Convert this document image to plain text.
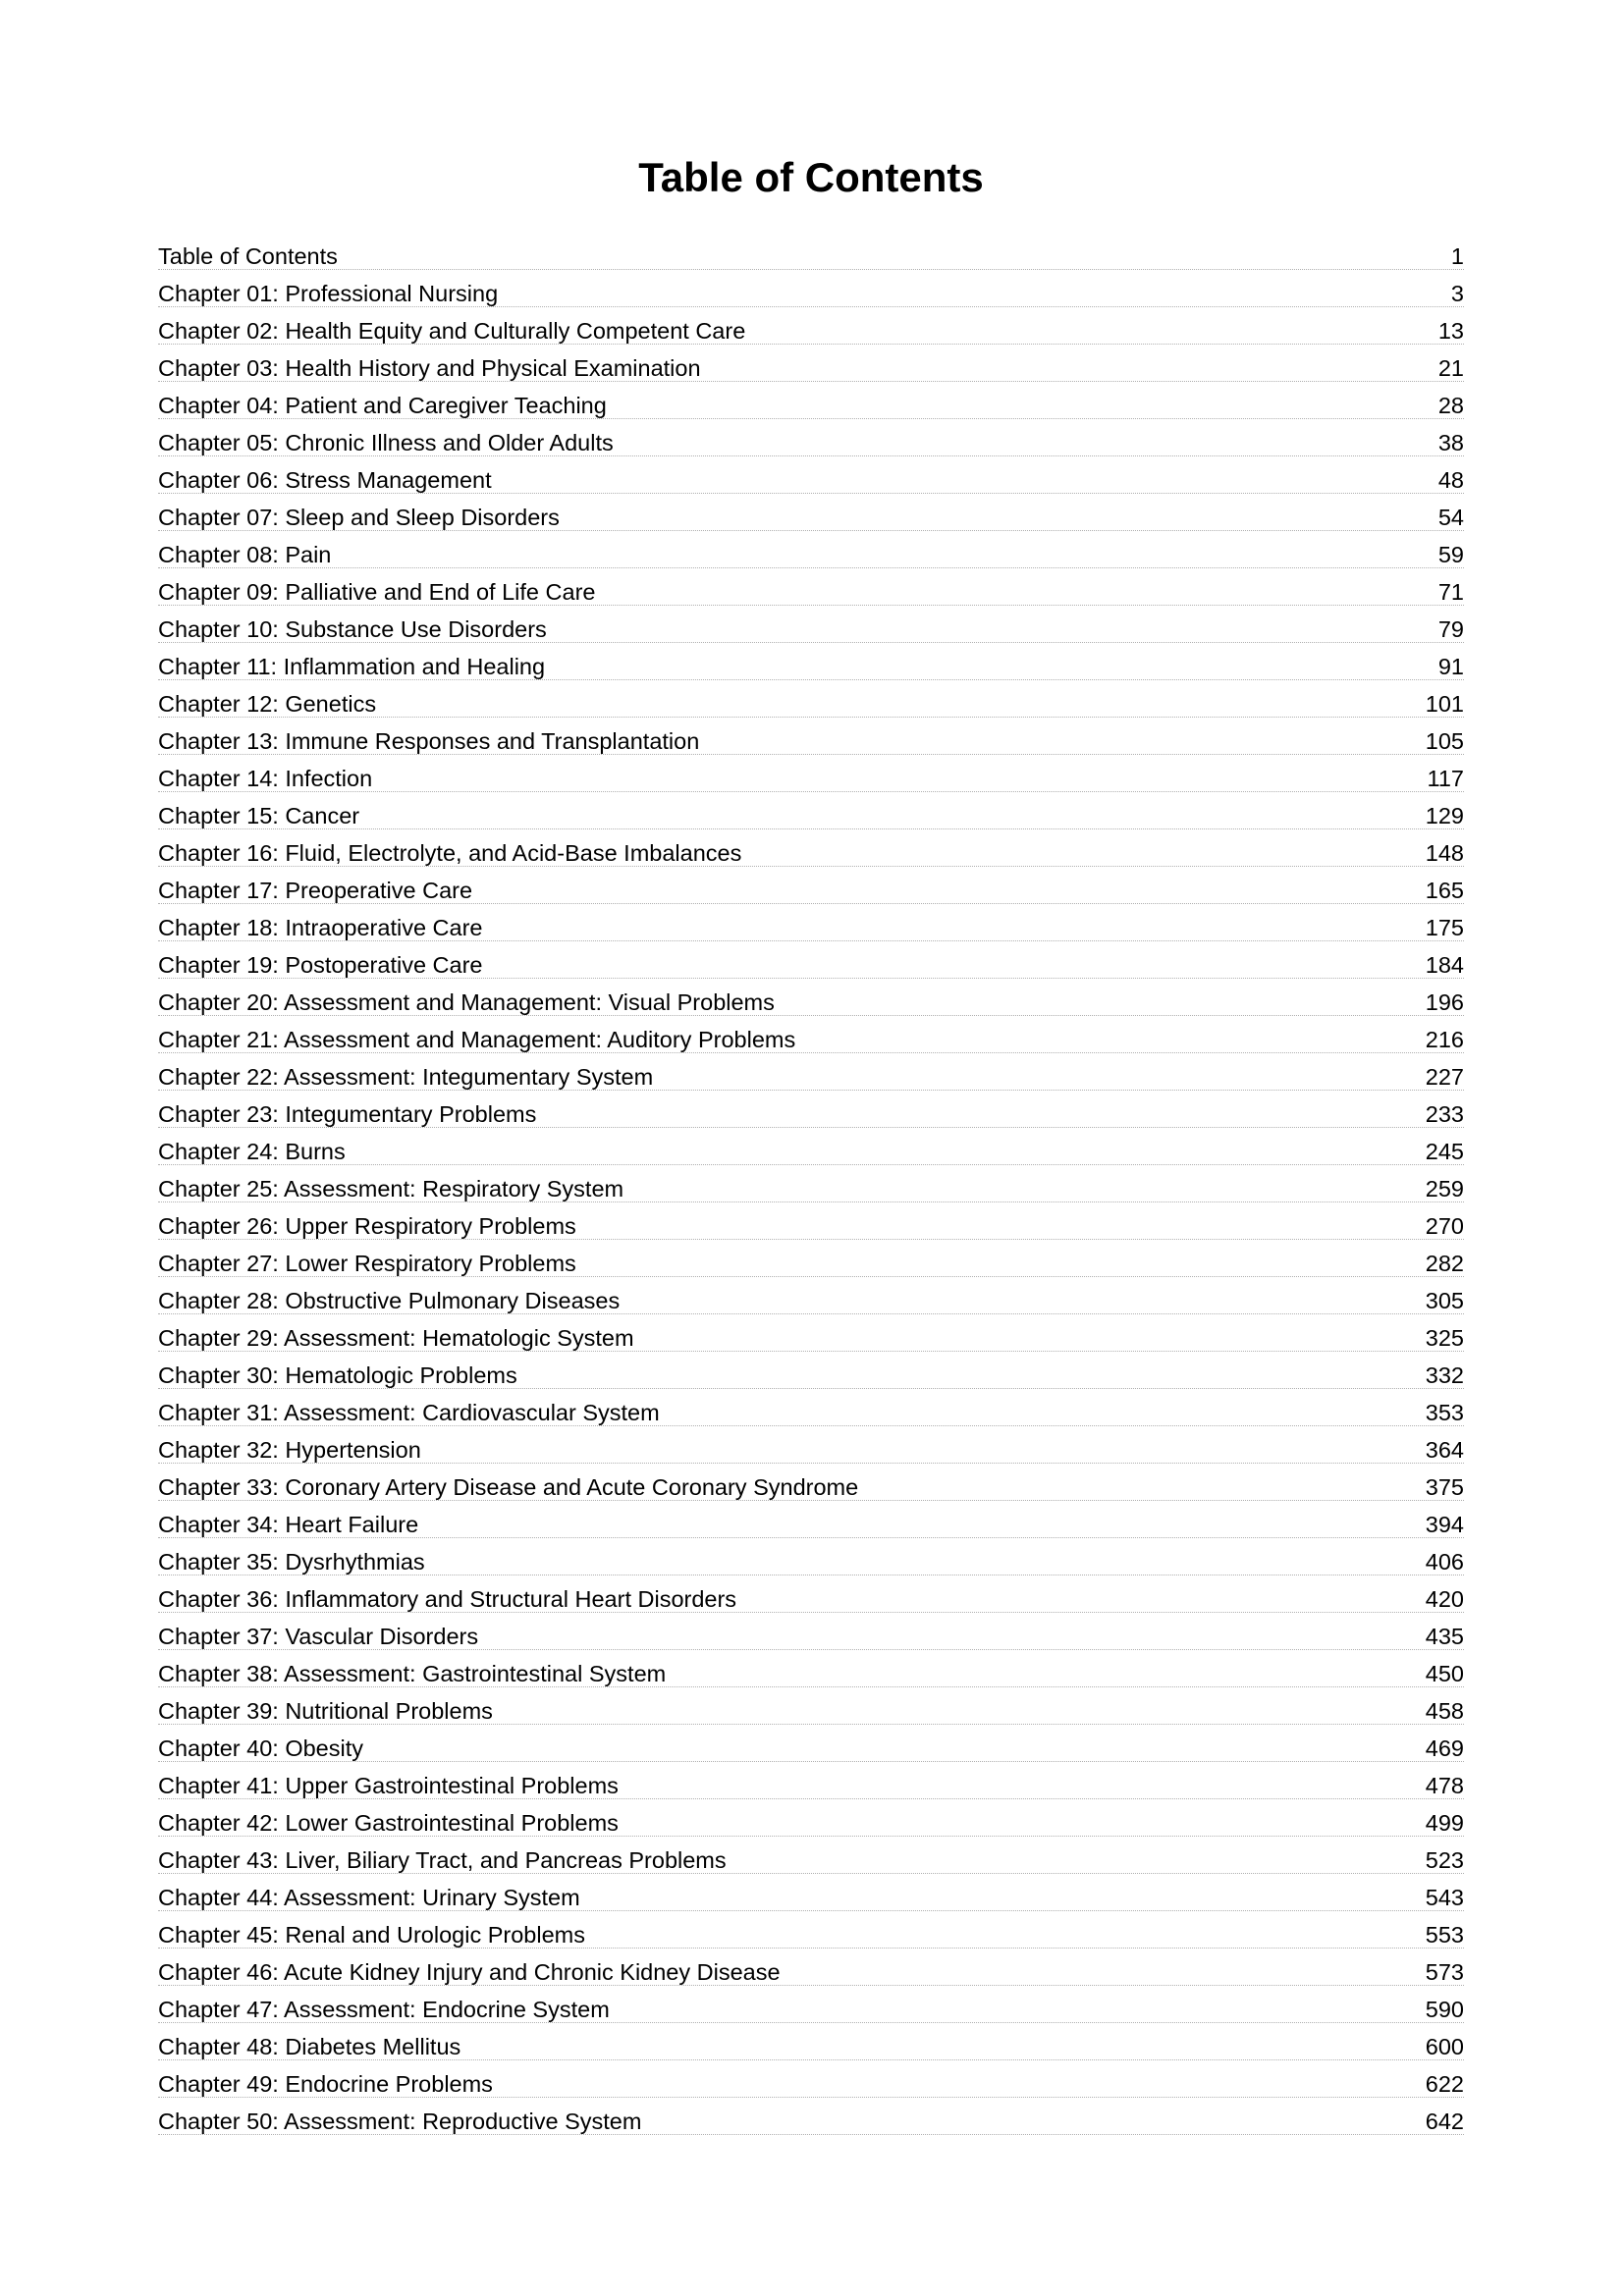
Table of Contents
Table of Contents	1
Chapter 01: Professional Nursing	3
Chapter 02: Health Equity and Culturally Competent Care	13
Chapter 03: Health History and Physical Examination	21
Chapter 04: Patient and Caregiver Teaching	28
Chapter 05: Chronic Illness and Older Adults	38
Chapter 06: Stress Management	48
Chapter 07: Sleep and Sleep Disorders	54
Chapter 08: Pain	59
Chapter 09: Palliative and End of Life Care	71
Chapter 10: Substance Use Disorders	79
Chapter 11: Inflammation and Healing	91
Chapter 12: Genetics	101
Chapter 13: Immune Responses and Transplantation	105
Chapter 14: Infection	117
Chapter 15: Cancer	129
Chapter 16: Fluid, Electrolyte, and Acid-Base Imbalances	148
Chapter 17: Preoperative Care	165
Chapter 18: Intraoperative Care	175
Chapter 19: Postoperative Care	184
Chapter 20: Assessment and Management: Visual Problems	196
Chapter 21: Assessment and Management: Auditory Problems	216
Chapter 22: Assessment: Integumentary System	227
Chapter 23: Integumentary Problems	233
Chapter 24: Burns	245
Chapter 25: Assessment: Respiratory System	259
Chapter 26: Upper Respiratory Problems	270
Chapter 27: Lower Respiratory Problems	282
Chapter 28: Obstructive Pulmonary Diseases	305
Chapter 29: Assessment: Hematologic System	325
Chapter 30: Hematologic Problems	332
Chapter 31: Assessment: Cardiovascular System	353
Chapter 32: Hypertension	364
Chapter 33: Coronary Artery Disease and Acute Coronary Syndrome	375
Chapter 34: Heart Failure	394
Chapter 35: Dysrhythmias	406
Chapter 36: Inflammatory and Structural Heart Disorders	420
Chapter 37: Vascular Disorders	435
Chapter 38: Assessment: Gastrointestinal System	450
Chapter 39: Nutritional Problems	458
Chapter 40: Obesity	469
Chapter 41: Upper Gastrointestinal Problems	478
Chapter 42: Lower Gastrointestinal Problems	499
Chapter 43: Liver, Biliary Tract, and Pancreas Problems	523
Chapter 44: Assessment: Urinary System	543
Chapter 45: Renal and Urologic Problems	553
Chapter 46: Acute Kidney Injury and Chronic Kidney Disease	573
Chapter 47: Assessment: Endocrine System	590
Chapter 48: Diabetes Mellitus	600
Chapter 49: Endocrine Problems	622
Chapter 50: Assessment: Reproductive System	642
